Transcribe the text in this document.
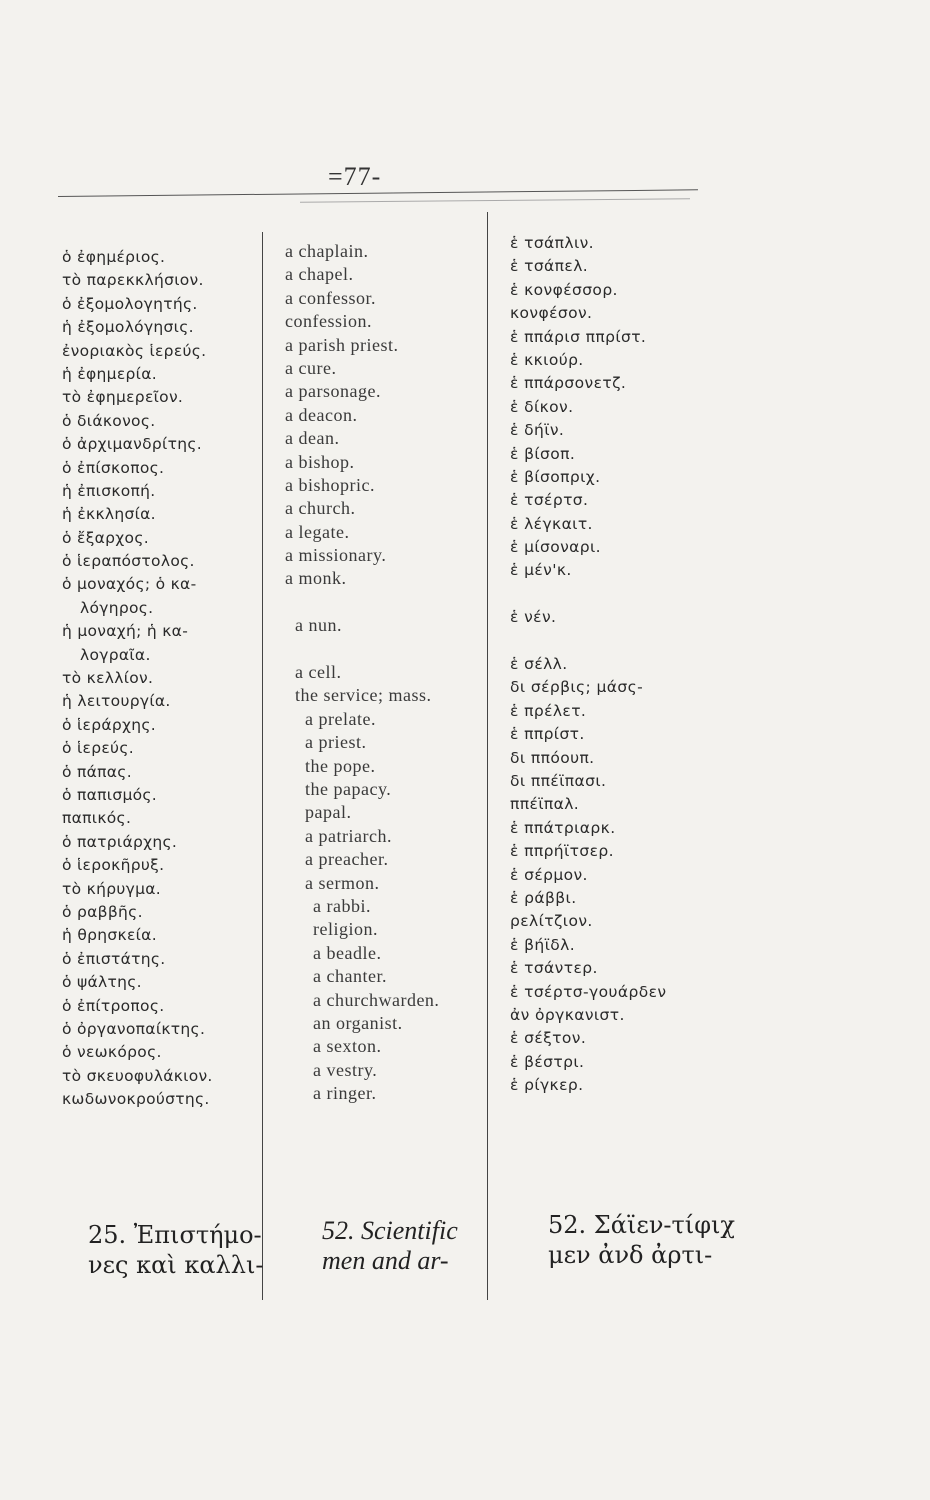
=77-
ὁ ἐφημέριος.
τὸ παρεκκλήσιον.
ὁ ἐξομολογητής.
ἡ ἐξομολόγησις.
ἐνοριακὸς ἱερεύς.
ἡ ἐφημερία.
τὸ ἐφημερεῖον.
ὁ διάκονος.
ὁ ἀρχιμανδρίτης.
ὁ ἐπίσκοπος.
ἡ ἐπισκοπή.
ἡ ἐκκλησία.
ὁ ἔξαρχος.
ὁ ἱεραπόστολος.
ὁ μοναχός; ὁ κα-
λόγηρος.
ἡ μοναχή; ἡ κα-
λογραῖα.
τὸ κελλίον.
ἡ λειτουργία.
ὁ ἱεράρχης.
ὁ ἱερεύς.
ὁ πάπας.
ὁ παπισμός.
παπικός.
ὁ πατριάρχης.
ὁ ἱεροκῆρυξ.
τὸ κήρυγμα.
ὁ ραββῆς.
ἡ θρησκεία.
ὁ ἐπιστάτης.
ὁ ψάλτης.
ὁ ἐπίτροπος.
ὁ ὀργανοπαίκτης.
ὁ νεωκόρος.
τὸ σκευοφυλάκιον.
κωδωνοκρούστης.
a chaplain.
a chapel.
a confessor.
confession.
a parish priest.
a cure.
a parsonage.
a deacon.
a dean.
a bishop.
a bishopric.
a church.
a legate.
a missionary.
a monk.
a nun.
a cell.
the service; mass.
a prelate.
a priest.
the pope.
the papacy.
papal.
a patriarch.
a preacher.
a sermon.
a rabbi.
religion.
a beadle.
a chanter.
a churchwarden.
an organist.
a sexton.
a vestry.
a ringer.
ἑ τσάπλιν.
ἑ τσάπελ.
ἑ κονφέσσορ.
κονφέσον.
ἑ ππάρισ ππρίστ.
ἑ κκιούρ.
ἑ ππάρσονετζ.
ἑ δίκον.
ἑ δήϊν.
ἑ βίσοπ.
ἑ βίσοπριχ.
ἑ τσέρτσ.
ἑ λέγκαιτ.
ἑ μίσοναρι.
ἑ μέν'κ.
ἑ νέν.
ἑ σέλλ.
δι σέρβις; μάσς-
ἑ πρέλετ.
ἑ ππρίστ.
δι ππόουπ.
δι ππέϊπασι.
ππέϊπαλ.
ἑ ππάτριαρκ.
ἑ ππρήϊτσερ.
ἑ σέρμον.
ἑ ράββι.
ρελίτζιον.
ἑ βήϊδλ.
ἑ τσάντερ.
ἑ τσέρτσ-γουάρδεν
ἀν ὀργκανιστ.
ἑ σέξτον.
ἑ βέστρι.
ἑ ρίγκερ.
25. Ἐπιστήμο-
νες καὶ καλλι-
52. Scientific
men and ar-
52. Σάϊεν-τίφιχ
μεν ἀνδ ἀρτι-
